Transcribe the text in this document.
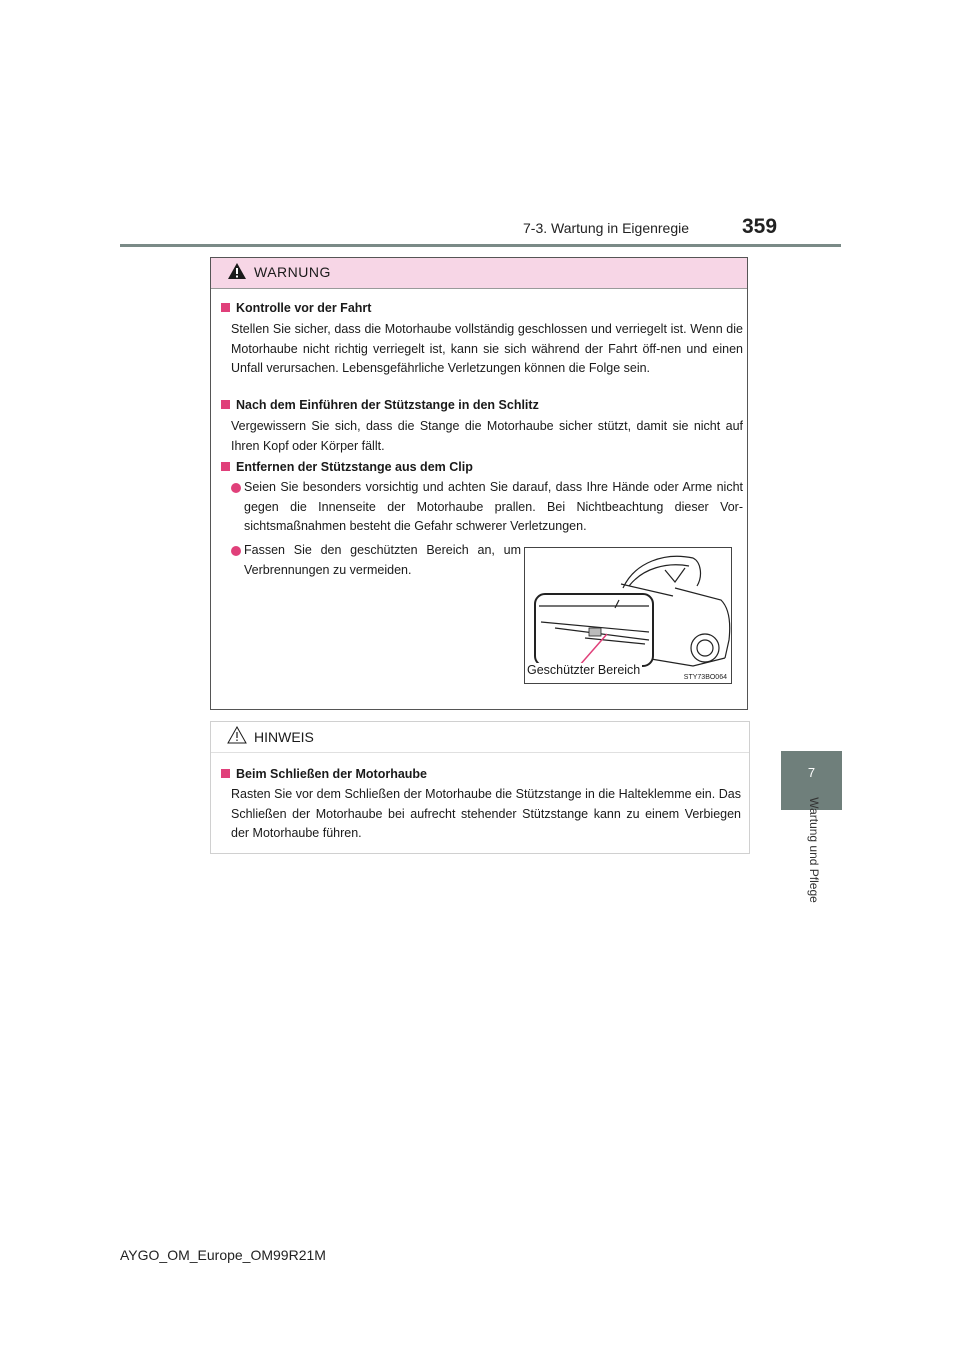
7-3. Wartung in Eigenregie	359
7
Wartung und Pflege
WARNUNG
Kontrolle vor der Fahrt
Stellen Sie sicher, dass die Motorhaube vollständig geschlossen und verriegelt ist. Wenn die Motorhaube nicht richtig verriegelt ist, kann sie sich während der Fahrt öff-nen und einen Unfall verursachen. Lebensgefährliche Verletzungen können die Folge sein.
Nach dem Einführen der Stützstange in den Schlitz
Vergewissern Sie sich, dass die Stange die Motorhaube sicher stützt, damit sie nicht auf Ihren Kopf oder Körper fällt.
Entfernen der Stützstange aus dem Clip
Seien Sie besonders vorsichtig und achten Sie darauf, dass Ihre Hände oder Arme nicht gegen die Innenseite der Motorhaube prallen. Bei Nichtbeachtung dieser Vor-sichtsmaßnahmen besteht die Gefahr schwerer Verletzungen.
Fassen Sie den geschützten Bereich an, um Verbrennungen zu vermeiden.
Geschützter Bereich
STY73BO064
HINWEIS
Beim Schließen der Motorhaube
Rasten Sie vor dem Schließen der Motorhaube die Stützstange in die Halteklemme ein. Das Schließen der Motorhaube bei aufrecht stehender Stützstange kann zu einem Verbiegen der Motorhaube führen.
AYGO_OM_Europe_OM99R21M
